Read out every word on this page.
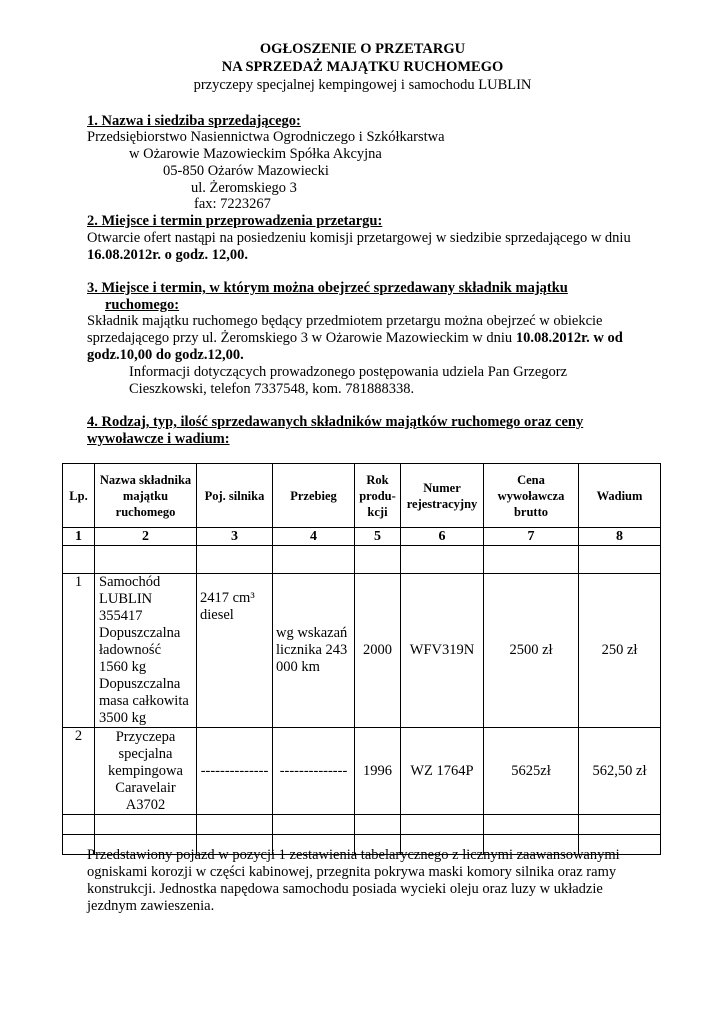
OGŁOSZENIE O PRZETARGU
NA SPRZEDAŻ MAJĄTKU RUCHOMEGO
przyczepy specjalnej kempingowej i samochodu LUBLIN
1. Nazwa i siedziba sprzedającego:
Przedsiębiorstwo Nasiennictwa Ogrodniczego i Szkółkarstwa
w Ożarowie Mazowieckim Spółka Akcyjna
05-850 Ożarów Mazowiecki
ul. Żeromskiego 3
fax: 7223267
2. Miejsce i termin przeprowadzenia przetargu:
Otwarcie ofert nastąpi na posiedzeniu komisji przetargowej w siedzibie sprzedającego w dniu
16.08.2012r. o godz. 12,00.
3. Miejsce i termin, w którym można obejrzeć sprzedawany składnik majątku
ruchomego:
Składnik majątku ruchomego będący przedmiotem przetargu można obejrzeć w obiekcie
sprzedającego przy ul. Żeromskiego 3 w Ożarowie Mazowieckim w dniu 10.08.2012r. w od
godz.10,00 do godz.12,00.
Informacji dotyczących prowadzonego postępowania udziela Pan Grzegorz
Cieszkowski, telefon 7337548, kom. 781888338.
4. Rodzaj, typ, ilość sprzedawanych składników majątków ruchomego oraz ceny
wywoławcze i wadium:
Lp.	Nazwa składnika majątku ruchomego	Poj. silnika	Przebieg	Rok produ-kcji	Numer rejestracyjny	Cena wywoławcza brutto	Wadium
1	2	3	4	5	6	7	8

1	Samochód LUBLIN 355417 Dopuszczalna ładowność 1560 kg Dopuszczalna masa całkowita 3500 kg	2417 cm³ diesel	wg wskazań licznika 243 000 km	2000	WFV319N	2500 zł	250 zł
2	Przyczepa specjalna kempingowa Caravelair A3702	--------------	--------------	1996	WZ 1764P	5625zł	562,50 zł

Przedstawiony pojazd w pozycji 1 zestawienia tabelarycznego z licznymi zaawansowanymi
ogniskami korozji w części kabinowej, przegnita pokrywa maski komory silnika oraz ramy
konstrukcji. Jednostka napędowa samochodu posiada wycieki oleju oraz luzy w układzie
jezdnym zawieszenia.
